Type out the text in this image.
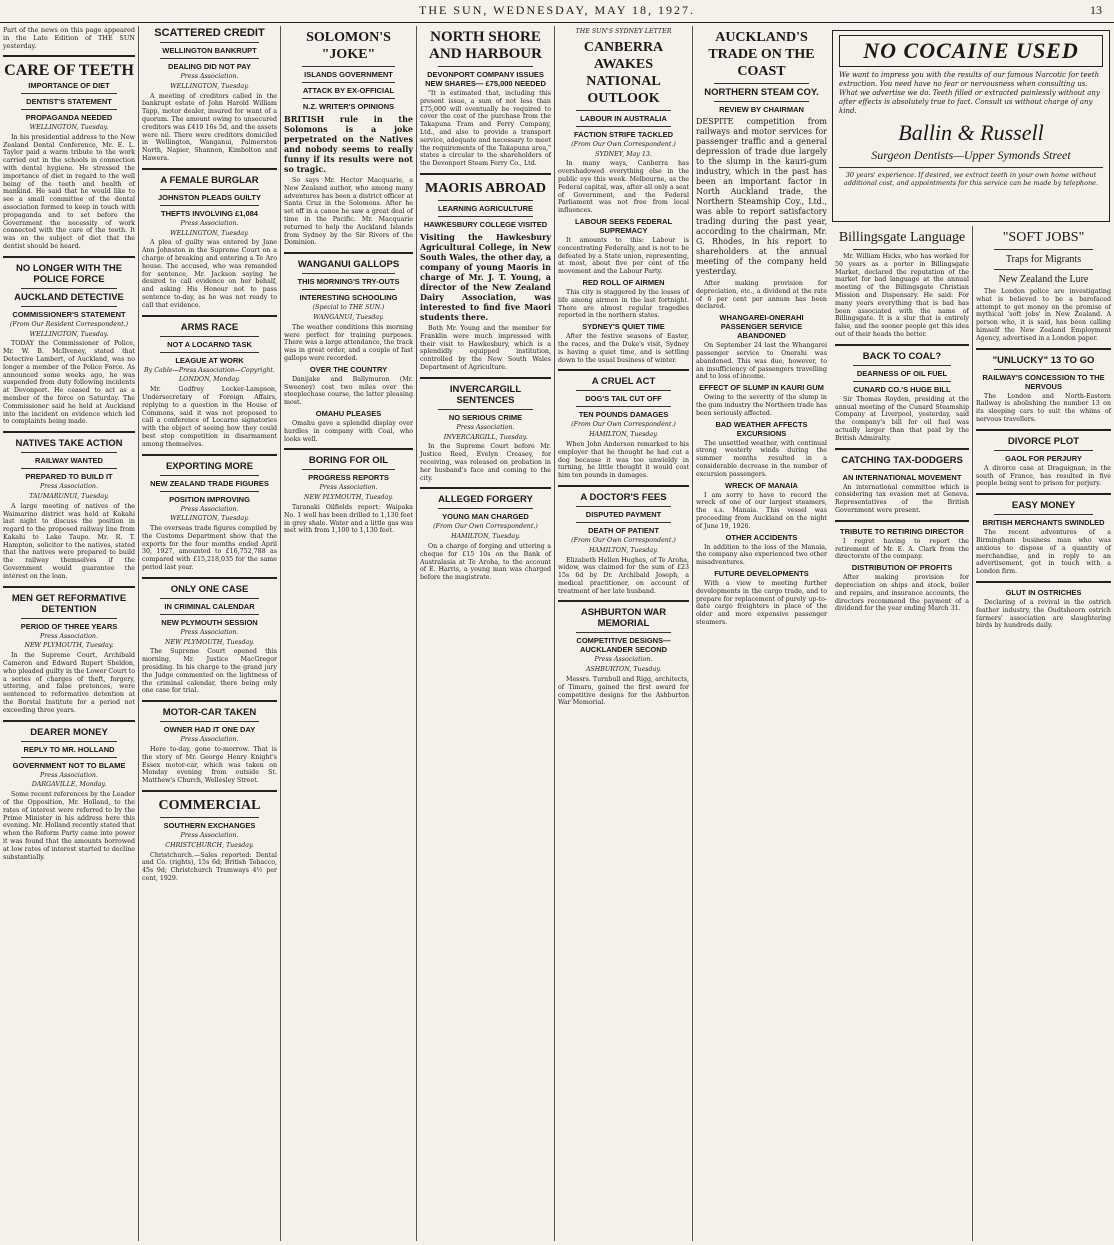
THE SUN, WEDNESDAY, MAY 18, 1927.	13

Part of the news on this page appeared in the Late Edition of THE SUN yesterday.

CARE OF TEETH
IMPORTANCE OF DIET
DENTIST'S STATEMENT
PROPAGANDA NEEDED
WELLINGTON, Tuesday.

In his presidential address to the New Zealand Dental Conference, Mr. E. L. Taylor paid a warm tribute to the work carried out in the schools in connection with dental hygiene. He stressed the importance of diet in regard to the well being of the teeth and health of mankind. He said that he would like to see a small committee of the dental association formed to keep in touch with propaganda and to set before the Government the necessity of work connected with the care of the teeth. It was on the subject of diet that the dentist should be heard.

NO LONGER WITH THE POLICE FORCE
AUCKLAND DETECTIVE
COMMISSIONER'S STATEMENT
(From Our Resident Correspondent.)
WELLINGTON, Tuesday.

TODAY the Commissioner of Police, Mr. W. B. McIlveney, stated that Detective Lambert, of Auckland, was no longer a member of the Police Force. As announced some weeks ago, he was suspended from duty following incidents at Devonport. He ceased to act as a member of the force on Saturday. The Commissioner said he held at Auckland into the incident on evidence which led to complaints being made.

NATIVES TAKE ACTION
RAILWAY WANTED
PREPARED TO BUILD IT
Press Association.
TAUMARUNUI, Tuesday.

A large meeting of natives of the Waimarino district was held at Kakahi last night to discuss the position in regard to the proposed railway line from Kakahi to Lake Taupo. Mr. R. T. Hampton, solicitor to the natives, stated that the natives were prepared to build the railway themselves if the Government would guarantee the interest on the loan.

MEN GET REFORMATIVE DETENTION
PERIOD OF THREE YEARS
Press Association.
NEW PLYMOUTH, Tuesday.

In the Supreme Court, Archibald Cameron and Edward Rupert Sheldon, who pleaded guilty in the Lower Court to a series of charges of theft, forgery, uttering, and false pretences, were sentenced to reformative detention at the Borstal Institute for a period not exceeding three years.

DEARER MONEY
REPLY TO MR. HOLLAND
GOVERNMENT NOT TO BLAME
Press Association.
DARGAVILLE, Monday.

Some recent references by the Leader of the Opposition, Mr. Holland, to the rates of interest were referred to by the Prime Minister in his address here this evening. Mr. Holland recently stated that when the Reform Party came into power it was found that the amounts borrowed at low rates of interest started to decline substantially.

SCATTERED CREDIT
WELLINGTON BANKRUPT
DEALING DID NOT PAY
Press Association.
WELLINGTON, Tuesday.

A meeting of creditors called in the bankrupt estate of John Harold William Tapp, motor dealer, insured for want of a quorum. The amount owing to unsecured creditors was £419 16s 5d, and the assets were nil. There were creditors domiciled in Wellington, Wanganui, Palmerston North, Napier, Shannon, Kimbolton and Hawera.

A FEMALE BURGLAR
JOHNSTON PLEADS GUILTY
THEFTS INVOLVING £1,084
Press Association.
WELLINGTON, Tuesday.

A plea of guilty was entered by Jane Ann Johnston in the Supreme Court on a charge of breaking and entering a Te Aro house. The accused, who was remanded for sentence, Mr. Jackson saying he desired to call evidence on her behalf, and asking His Honour not to pass sentence to-day, as he was not ready to call that evidence.

ARMS RACE
NOT A LOCARNO TASK
LEAGUE AT WORK
By Cable—Press Association—Copyright.
LONDON, Monday.

Mr. Godfrey Locker-Lampson, Undersecretary of Foreign Affairs, replying to a question in the House of Commons, said it was not proposed to call a conference of Locarno signatories with the object of seeing how they could best stop competition in disarmament among themselves.

EXPORTING MORE
NEW ZEALAND TRADE FIGURES
POSITION IMPROVING
Press Association.
WELLINGTON, Tuesday.

The overseas trade figures compiled by the Customs Department show that the exports for the four months ended April 30, 1927, amounted to £16,752,788 as compared with £15,218,035 for the same period last year.

ONLY ONE CASE
IN CRIMINAL CALENDAR
NEW PLYMOUTH SESSION
Press Association.
NEW PLYMOUTH, Tuesday.

The Supreme Court opened this morning, Mr. Justice MacGregor presiding. In his charge to the grand jury the Judge commented on the lightness of the criminal calendar, there being only one case for trial.

MOTOR-CAR TAKEN
OWNER HAD IT ONE DAY
Press Association.

Here to-day, gone to-morrow. That is the story of Mr. George Henry Knight's Essex motor-car, which was taken on Monday evening from outside St. Matthew's Church, Wellesley Street.

COMMERCIAL
SOUTHERN EXCHANGES
Press Association.
CHRISTCHURCH, Tuesday.

Christchurch.—Sales reported: Dental and Co. (rights), 15s 6d; British Tobacco, 45s 9d; Christchurch Tramways 4½ per cent, 1929.

SOLOMON'S "JOKE"
ISLANDS GOVERNMENT
ATTACK BY EX-OFFICIAL
N.Z. WRITER'S OPINIONS

BRITISH rule in the Solomons is a joke perpetrated on the Natives and nobody seems to really funny if its results were not so tragic.

So says Mr. Hector Macquarie, a New Zealand author, who among many adventures has been a district officer at Santa Cruz in the Solomons. After he set off in a canoe he saw a great deal of time in the Pacific. Mr. Macquarie returned to help the Auckland Islands from Sydney by the Sir Rivers of the Dominion.

WANGANUI GALLOPS
THIS MORNING'S TRY-OUTS
INTERESTING SCHOOLING
(Special to THE SUN.)
WANGANUI, Tuesday.

The weather conditions this morning were perfect for training purposes. There was a large attendance, the track was in great order, and a couple of fast gallops were recorded.

OVER THE COUNTRY

Danijake and Ballymuron (Mr. Sweeney) cost two miles over the steeplechase course, the latter pleasing most.

OMAHU PLEASES

Omahu gave a splendid display over hurdles in company with Coal, who looks well.

BORING FOR OIL
PROGRESS REPORTS
Press Association.
NEW PLYMOUTH, Tuesday.

Taranaki Oilfields report: Waipaka No. 1 well has been drilled to 1,130 feet in grey shale. Water and a little gas was met with from 1,100 to 1,130 feet.

NORTH SHORE AND HARBOUR
DEVONPORT COMPANY ISSUES NEW SHARES— £75,000 NEEDED

"It is estimated that, including this present issue, a sum of not less than £75,000 will eventually be required to cover the cost of the purchase from the Takapuna Tram and Ferry Company, Ltd., and also to provide a transport service, adequate and necessary to meet the requirements of the Takapuna area," states a circular to the shareholders of the Devonport Steam Ferry Co., Ltd.

MAORIS ABROAD
LEARNING AGRICULTURE
HAWKESBURY COLLEGE VISITED

Visiting the Hawkesbury Agricultural College, in New South Wales, the other day, a company of young Maoris in charge of Mr. J. T. Young, a director of the New Zealand Dairy Association, was interested to find five Maori students there.

Both Mr. Young and the member for Franklin were much impressed with their visit to Hawkesbury, which is a splendidly equipped institution, controlled by the New South Wales Department of Agriculture.

INVERCARGILL SENTENCES
NO SERIOUS CRIME
Press Association.
INVERCARGILL, Tuesday.

In the Supreme Court before Mr. Justice Reed, Evelyn Creasey, for receiving, was released on probation in her husband's face and coming to the city.

ALLEGED FORGERY
YOUNG MAN CHARGED
(From Our Own Correspondent.)
HAMILTON, Tuesday.

On a charge of forging and uttering a cheque for £15 10s on the Bank of Australasia at Te Aroha, to the account of E. Harris, a young man was charged before the magistrate.

THE SUN'S SYDNEY LETTER
CANBERRA AWAKES NATIONAL OUTLOOK
LABOUR IN AUSTRALIA
FACTION STRIFE TACKLED
(From Our Own Correspondent.)
SYDNEY, May 13.

In many ways, Canberra has overshadowed everything else in the public eye this week. Melbourne, as the Federal capital, was, after all only a seat of Government, and the Federal Parliament was not free from local influences.

LABOUR SEEKS FEDERAL SUPREMACY

It amounts to this: Labour is concentrating Federally, and is not to be defeated by a State union, representing, at most, about five per cent of the movement and the Labour Party.

RED ROLL OF AIRMEN

This city is staggered by the losses of life among airmen in the last fortnight. There are almost regular tragedies reported in the northern states.

SYDNEY'S QUIET TIME

After the festive seasons of Easter, the races, and the Duke's visit, Sydney is having a quiet time, and is settling down to the usual business of winter.

A CRUEL ACT
DOG'S TAIL CUT OFF
TEN POUNDS DAMAGES
(From Our Own Correspondent.)
HAMILTON, Tuesday.

When John Anderson remarked to his employer that he thought he had cut a dog because it was too unwieldy in turning, he little thought it would cost him ten pounds in damages.

A DOCTOR'S FEES
DISPUTED PAYMENT
DEATH OF PATIENT
(From Our Own Correspondent.)
HAMILTON, Tuesday.

Elizabeth Hellen Hughes, of Te Aroha, widow, was claimed for the sum of £23 15s 6d by Dr. Archibald Joseph, a medical practitioner, on account of treatment of her late husband.

ASHBURTON WAR MEMORIAL
COMPETITIVE DESIGNS—AUCKLANDER SECOND
Press Association.
ASHBURTON, Tuesday.

Messrs. Turnbull and Rigg, architects, of Timaru, gained the first award for competitive designs for the Ashburton War Memorial.

AUCKLAND'S TRADE ON THE COAST
NORTHERN STEAM COY.
REVIEW BY CHAIRMAN

DESPITE competition from railways and motor services for passenger traffic and a general depression of trade due largely to the slump in the kauri-gum industry, which in the past has been an important factor in North Auckland trade, the Northern Steamship Coy., Ltd., was able to report satisfactory trading during the past year, according to the chairman, Mr. G. Rhodes, in his report to shareholders at the annual meeting of the company held yesterday.

After making provision for depreciation, etc., a dividend at the rate of 6 per cent per annum has been declared.

WHANGAREI-ONERAHI PASSENGER SERVICE ABANDONED

On September 24 last the Whangarei passenger service to Onerahi was abandoned. This was due, however, to an insufficiency of passengers travelling and to loss of income.

EFFECT OF SLUMP IN KAURI GUM

Owing to the severity of the slump in the gum industry the Northern trade has been seriously affected.

BAD WEATHER AFFECTS EXCURSIONS

The unsettled weather, with continual strong westerly winds during the summer months resulted in a considerable decrease in the number of excursion passengers.

WRECK OF MANAIA

I am sorry to have to record the wreck of one of our largest steamers, the s.s. Manaia. This vessel was proceeding from Auckland on the night of June 19, 1926.

OTHER ACCIDENTS

In addition to the loss of the Manaia, the company also experienced two other misadventures.

FUTURE DEVELOPMENTS

With a view to meeting further developments in the cargo trade, and to prepare for replacement of purely up-to-date cargo freighters in place of the older and more expensive passenger steamers.

NO COCAINE USED
We want to impress you with the results of our famous Narcotic for teeth extraction. You need have no fear or nervousness when consulting us. What we advertise we do. Teeth filled or extracted painlessly without any after effects is absolutely true to fact. Consult us without charge of any kind.
Ballin & Russell
Surgeon Dentists—Upper Symonds Street
30 years' experience. If desired, we extract teeth in your own home without additional cost, and appointments for this service can be made by telephone.
Billingsgate Language

Mr. William Hicks, who has worked for 50 years as a porter in Billingsgate Market, declared the reputation of the market for bad language at the annual meeting of the Billingsgate Christian Mission and Dispensary. He said: For many years everything that is bad has been associated with the name of Billingsgate. It is a slur that is entirely false, and the sooner people get this idea out of their heads the better.

BACK TO COAL?
DEARNESS OF OIL FUEL
CUNARD CO.'S HUGE BILL

Sir Thomas Royden, presiding at the annual meeting of the Cunard Steamship Company at Liverpool, yesterday, said the company's bill for oil fuel was actually larger than that paid by the British Admiralty.

CATCHING TAX-DODGERS
AN INTERNATIONAL MOVEMENT

An international committee which is considering tax evasion met at Geneva. Representatives of the British Government were present.

TRIBUTE TO RETIRING DIRECTOR

I regret having to report the retirement of Mr. E. A. Clark from the directorate of the company.

DISTRIBUTION OF PROFITS

After making provision for depreciation on ships and stock, boiler and repairs, and insurance accounts, the directors recommend the payment of a dividend for the year ending March 31.

"SOFT JOBS"
Traps for Migrants
New Zealand the Lure

The London police are investigating what is believed to be a barefaced attempt to get money on the promise of mythical 'soft jobs' in New Zealand. A person who, it is said, has been calling himself the New Zealand Employment Agency, advertised in a London paper.

"UNLUCKY" 13 TO GO
RAILWAY'S CONCESSION TO THE NERVOUS

The London and North-Eastern Railway is abolishing the number 13 on its sleeping cars to suit the whims of nervous travellers.

DIVORCE PLOT
GAOL FOR PERJURY

A divorce case at Draguignan, in the south of France, has resulted in five people being sent to prison for perjury.

EASY MONEY
BRITISH MERCHANTS SWINDLED

The recent adventures of a Birmingham business man who was anxious to dispose of a quantity of merchandise, and in reply to an advertisement, got in touch with a London firm.

GLUT IN OSTRICHES

Declaring of a revival in the ostrich feather industry, the Oudtshoorn ostrich farmers' association are slaughtering birds by hundreds daily.
